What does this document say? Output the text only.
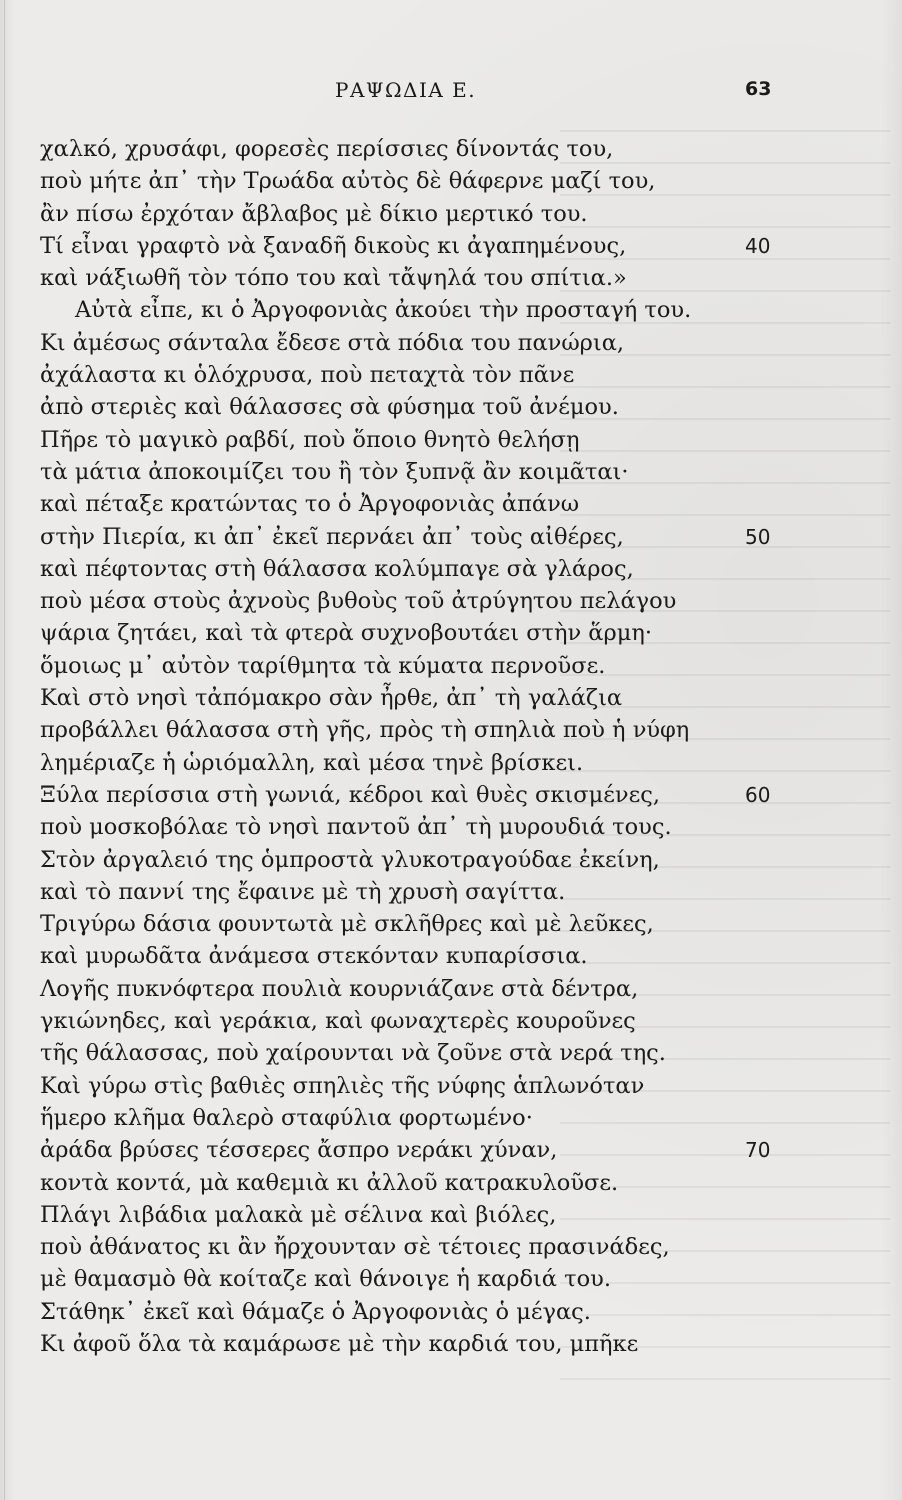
ΡΑΨΩΔΙΑ Ε.	63
χαλκό, χρυσάφι, φορεσὲς περίσσιες δίνοντάς του,
ποὺ μήτε ἀπ᾽ τὴν Τρωάδα αὐτὸς δὲ θάφερνε μαζί του,
ἂν πίσω ἐρχόταν ἄβλαβος μὲ δίκιο μερτικό του.
Τί εἶναι γραφτὸ νὰ ξαναδῆ δικοὺς κι ἀγαπημένους,	40
καὶ νάξιωθῆ τὸν τόπο του καὶ τἄψηλά του σπίτια.»
Αὐτὰ εἶπε, κι ὁ Ἀργοφονιὰς ἀκούει τὴν προσταγή του.
Κι ἀμέσως σάνταλα ἔδεσε στὰ πόδια του πανώρια,
ἀχάλαστα κι ὁλόχρυσα, ποὺ πεταχτὰ τὸν πᾶνε
ἀπὸ στεριὲς καὶ θάλασσες σὰ φύσημα τοῦ ἀνέμου.
Πῆρε τὸ μαγικὸ ραβδί, ποὺ ὅποιο θνητὸ θελήσῃ
τὰ μάτια ἀποκοιμίζει του ἢ τὸν ξυπνᾷ ἂν κοιμᾶται·
καὶ πέταξε κρατώντας το ὁ Ἀργοφονιὰς ἀπάνω
στὴν Πιερία, κι ἀπ᾽ ἐκεῖ περνάει ἀπ᾽ τοὺς αἰθέρες,	50
καὶ πέφτοντας στὴ θάλασσα κολύμπαγε σὰ γλάρος,
ποὺ μέσα στοὺς ἀχνοὺς βυθοὺς τοῦ ἀτρύγητου πελάγου
ψάρια ζητάει, καὶ τὰ φτερὰ συχνοβουτάει στὴν ἅρμη·
ὅμοιως μ᾽ αὐτὸν ταρίθμητα τὰ κύματα περνοῦσε.
Καὶ στὸ νησὶ τἀπόμακρο σὰν ἦρθε, ἀπ᾽ τὴ γαλάζια
προβάλλει θάλασσα στὴ γῆς, πρὸς τὴ σπηλιὰ ποὺ ἡ νύφη
λημέριαζε ἡ ὡριόμαλλη, καὶ μέσα τηνὲ βρίσκει.
Ξύλα περίσσια στὴ γωνιά, κέδροι καὶ θυὲς σκισμένες,	60
ποὺ μοσκοβόλαε τὸ νησὶ παντοῦ ἀπ᾽ τὴ μυρουδιά τους.
Στὸν ἀργαλειό της ὁμπροστὰ γλυκοτραγούδαε ἐκείνη,
καὶ τὸ παννί της ἔφαινε μὲ τὴ χρυσὴ σαγίττα.
Τριγύρω δάσια φουντωτὰ μὲ σκλῆθρες καὶ μὲ λεῦκες,
καὶ μυρωδᾶτα ἀνάμεσα στεκόνταν κυπαρίσσια.
Λογῆς πυκνόφτερα πουλιὰ κουρνιάζανε στὰ δέντρα,
γκιώνηδες, καὶ γεράκια, καὶ φωναχτερὲς κουροῦνες
τῆς θάλασσας, ποὺ χαίρουνται νὰ ζοῦνε στὰ νερά της.
Καὶ γύρω στὶς βαθιὲς σπηλιὲς τῆς νύφης ἁπλωνόταν
ἥμερο κλῆμα θαλερὸ σταφύλια φορτωμένο·
ἀράδα βρύσες τέσσερες ἄσπρο νεράκι χύναν,	70
κοντὰ κοντά, μὰ καθεμιὰ κι ἀλλοῦ κατρακυλοῦσε.
Πλάγι λιβάδια μαλακὰ μὲ σέλινα καὶ βιόλες,
ποὺ ἀθάνατος κι ἂν ἤρχουνταν σὲ τέτοιες πρασινάδες,
μὲ θαμασμὸ θὰ κοίταζε καὶ θάνοιγε ἡ καρδιά του.
Στάθηκ᾽ ἐκεῖ καὶ θάμαζε ὁ Ἀργοφονιὰς ὁ μέγας.
Κι ἀφοῦ ὅλα τὰ καμάρωσε μὲ τὴν καρδιά του, μπῆκε
